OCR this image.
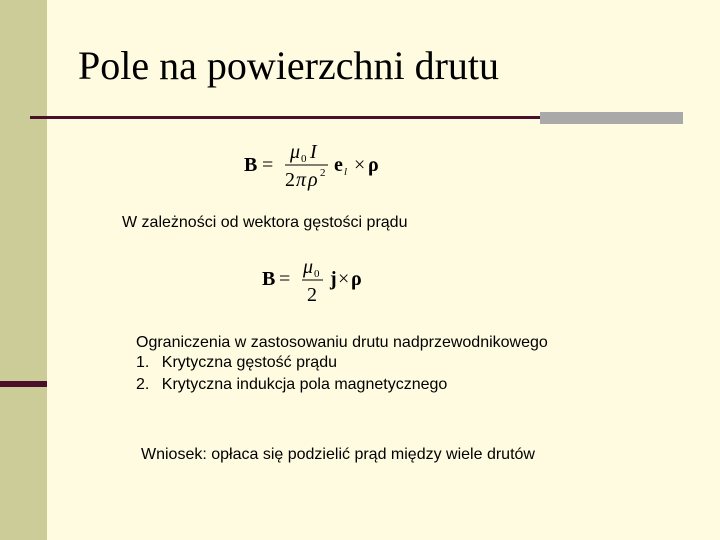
Pole na powierzchni drutu
B =
μ 0 I
2 π ρ 2 e l × ρ
W zależności od wektora gęstości prądu
B =
μ 0
2
j × ρ
Ograniczenia w zastosowaniu drutu nadprzewodnikowego
1. Krytyczna gęstość prądu
2. Krytyczna indukcja pola magnetycznego
Wniosek: opłaca się podzielić prąd między wiele drutów
